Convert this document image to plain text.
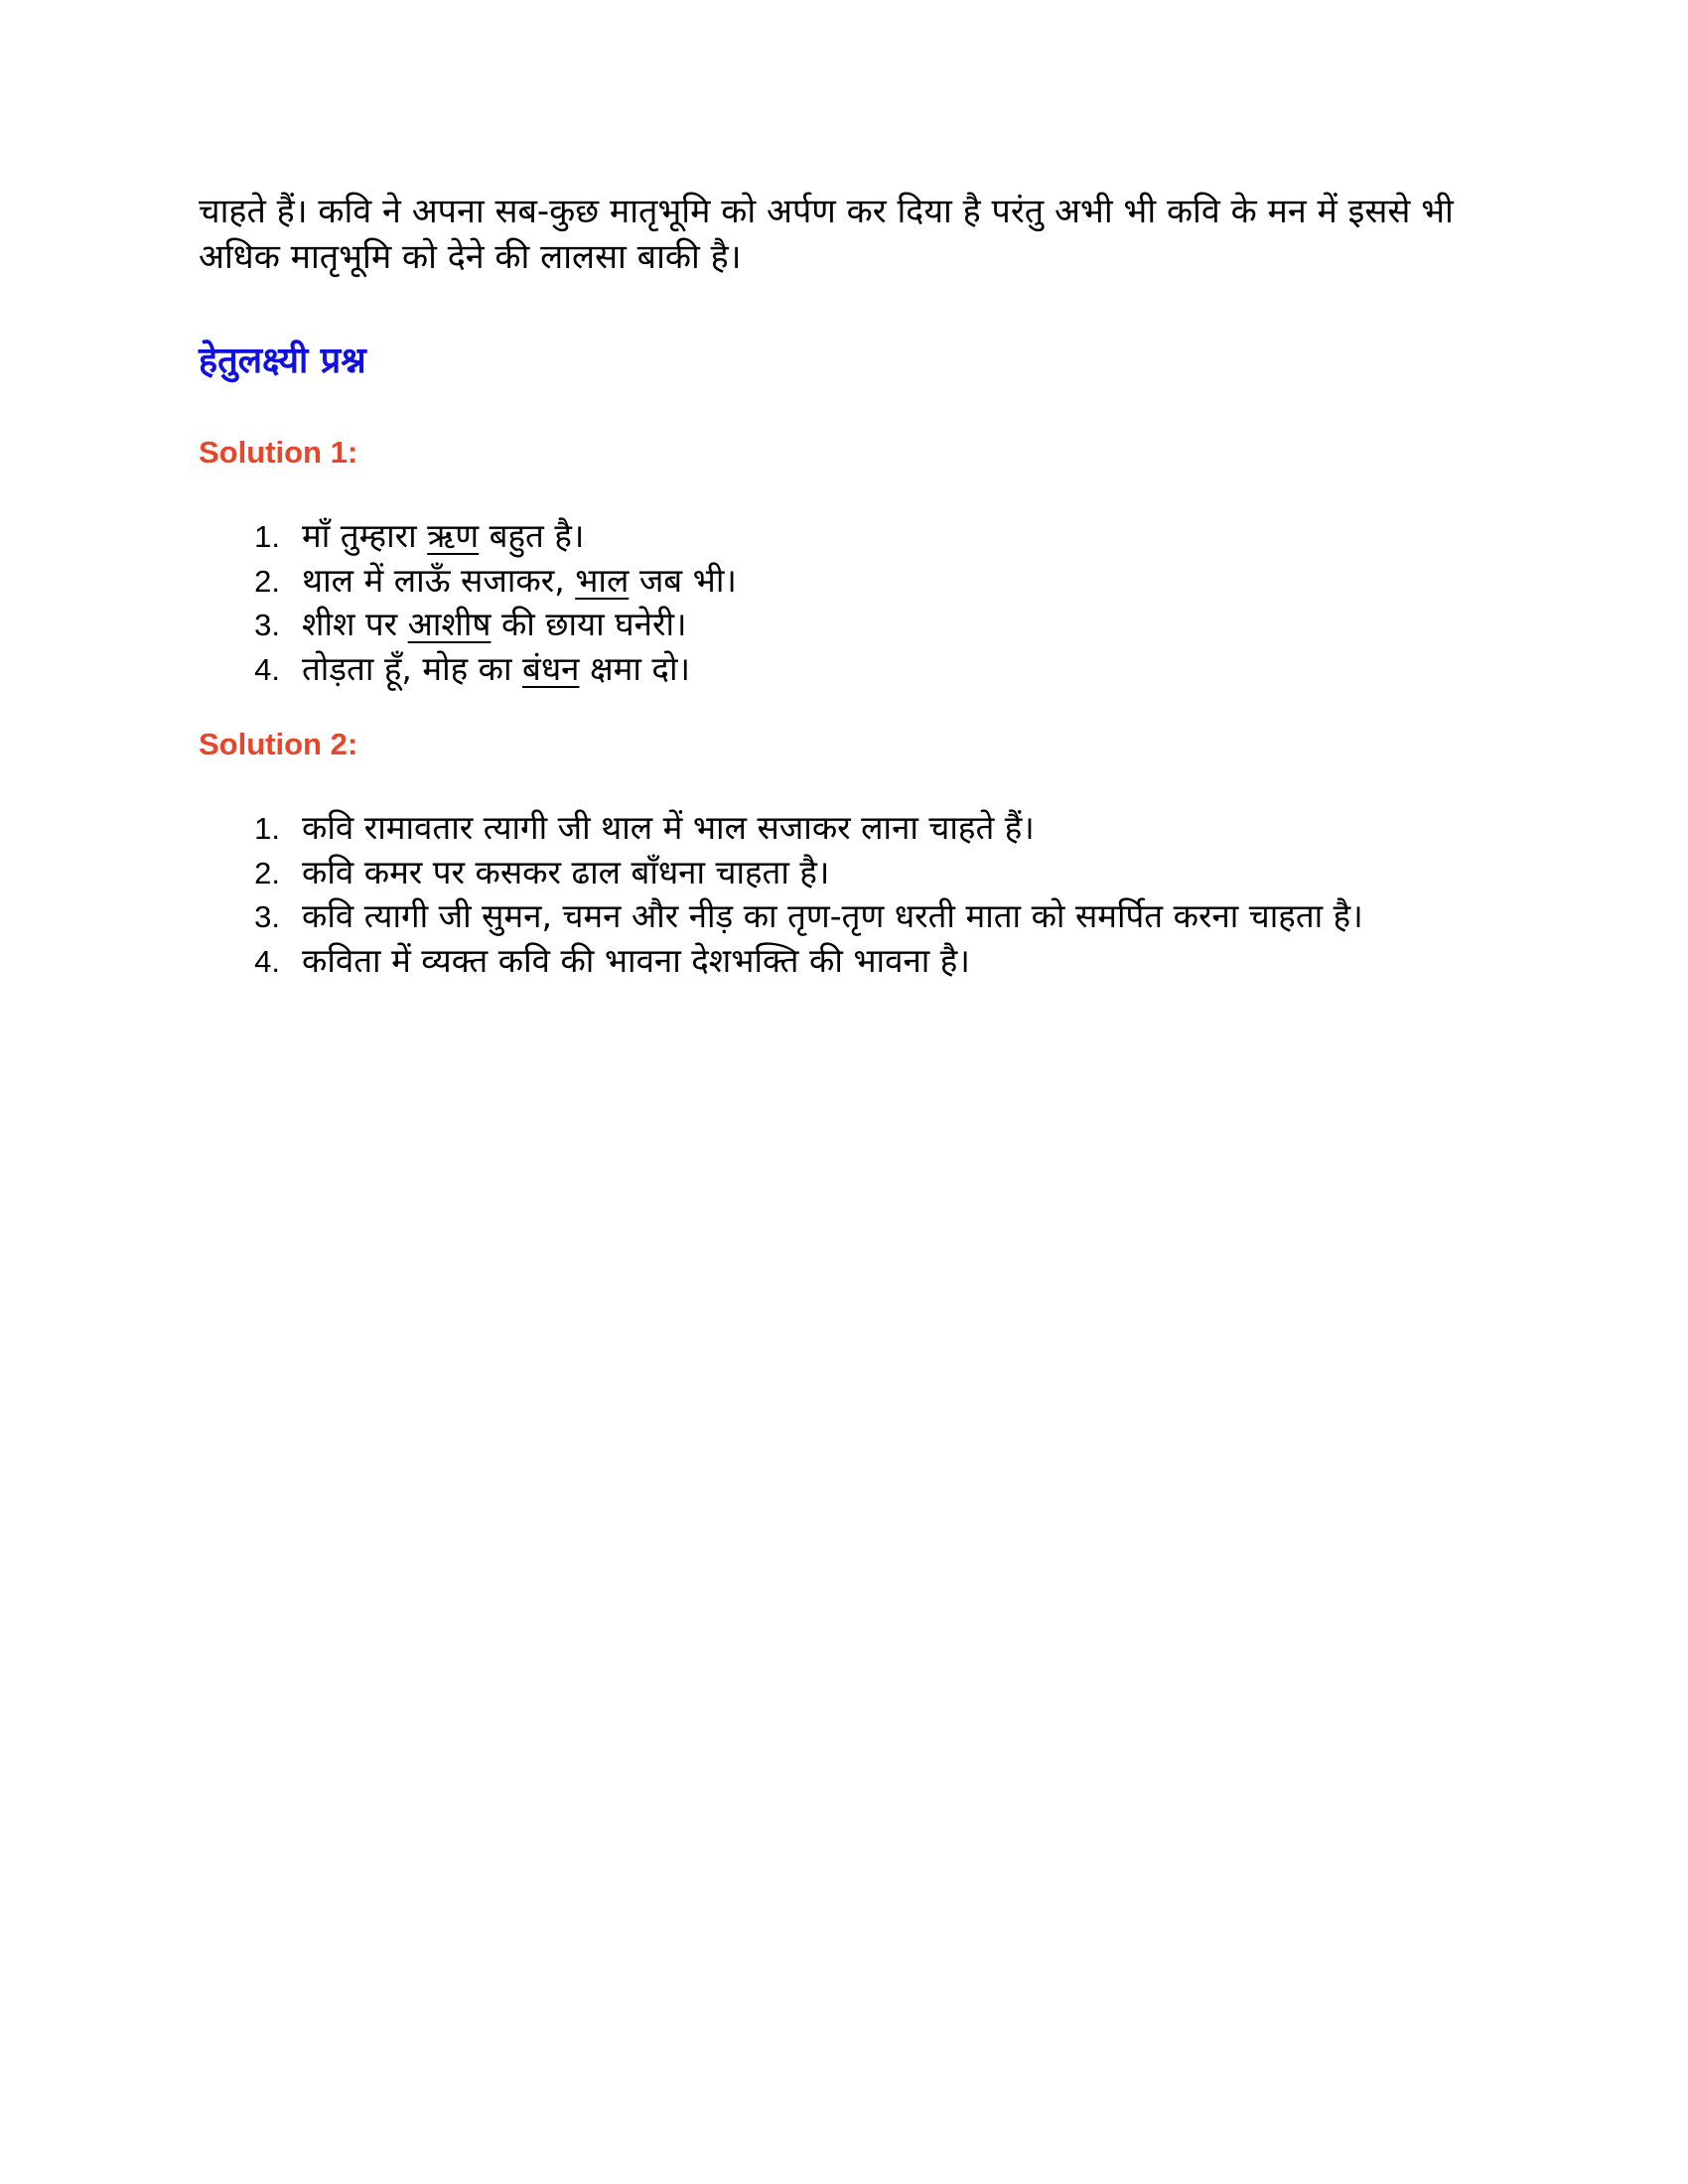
चाहते हैं। कवि ने अपना सब-कुछ मातृभूमि को अर्पण कर दिया है परंतु अभी भी कवि के मन में इससे भी
अधिक मातृभूमि को देने की लालसा बाकी है।

हेतुलक्ष्यी प्रश्न
Solution 1:
1. माँ तुम्हारा ऋण बहुत है।
2. थाल में लाऊँ सजाकर, भाल जब भी।
3. शीश पर आशीष की छाया घनेरी।
4. तोड़ता हूँ, मोह का बंधन क्षमा दो।
Solution 2:
1. कवि रामावतार त्यागी जी थाल में भाल सजाकर लाना चाहते हैं।
2. कवि कमर पर कसकर ढाल बाँधना चाहता है।
3. कवि त्यागी जी सुमन, चमन और नीड़ का तृण-तृण धरती माता को समर्पित करना चाहता है।
4. कविता में व्यक्त कवि की भावना देशभक्ति की भावना है।
